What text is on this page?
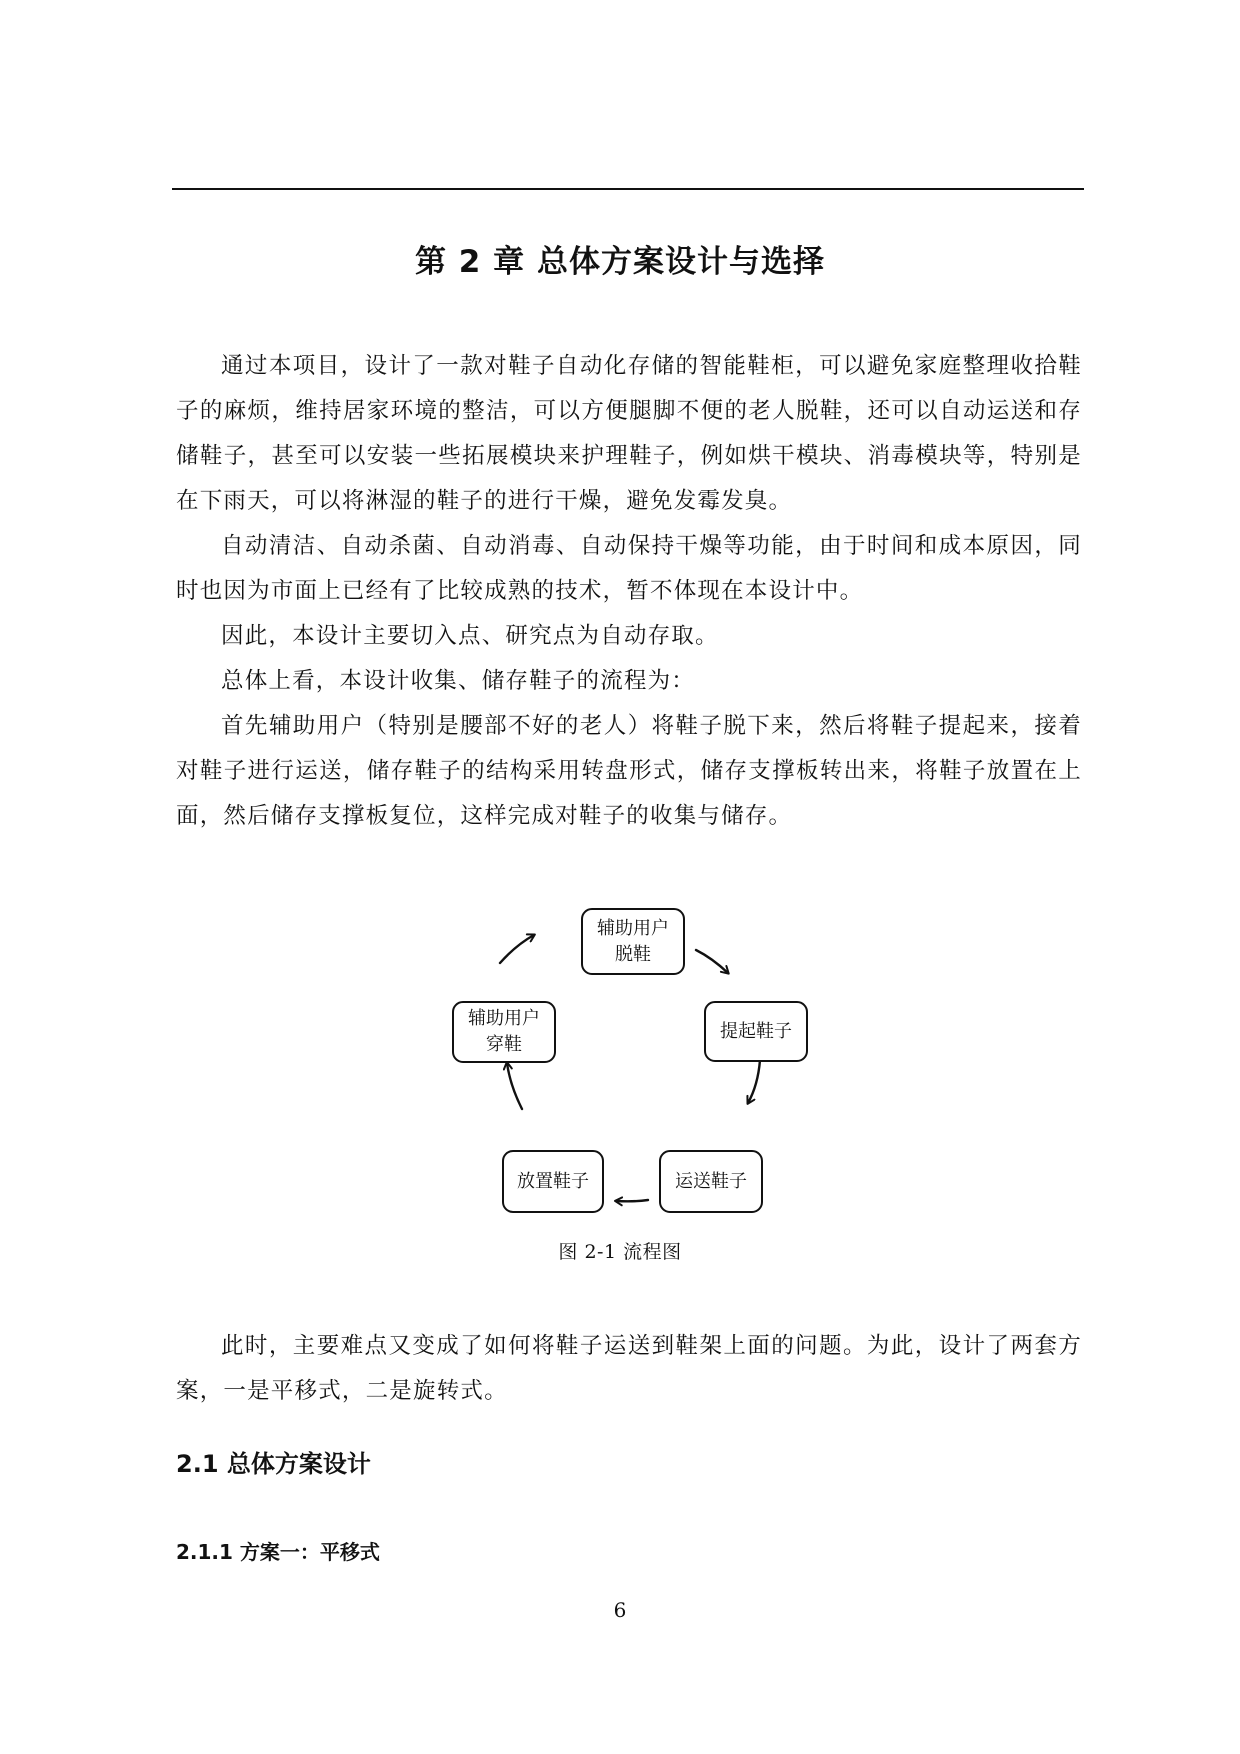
第 2 章 总体方案设计与选择

通过本项目，设计了一款对鞋子自动化存储的智能鞋柜，可以避免家庭整理收拾鞋子的麻烦，维持居家环境的整洁，可以方便腿脚不便的老人脱鞋，还可以自动运送和存储鞋子，甚至可以安装一些拓展模块来护理鞋子，例如烘干模块、消毒模块等，特别是在下雨天，可以将淋湿的鞋子的进行干燥，避免发霉发臭。

自动清洁、自动杀菌、自动消毒、自动保持干燥等功能，由于时间和成本原因，同时也因为市面上已经有了比较成熟的技术，暂不体现在本设计中。

因此，本设计主要切入点、研究点为自动存取。

总体上看，本设计收集、储存鞋子的流程为：

首先辅助用户（特别是腰部不好的老人）将鞋子脱下来，然后将鞋子提起来，接着对鞋子进行运送，储存鞋子的结构采用转盘形式，储存支撑板转出来，将鞋子放置在上面，然后储存支撑板复位，这样完成对鞋子的收集与储存。

辅助用户
脱鞋
提起鞋子
运送鞋子
放置鞋子
辅助用户
穿鞋
图 2-1 流程图

此时，主要难点又变成了如何将鞋子运送到鞋架上面的问题。为此，设计了两套方案，一是平移式，二是旋转式。

2.1 总体方案设计
2.1.1 方案一：平移式
6
